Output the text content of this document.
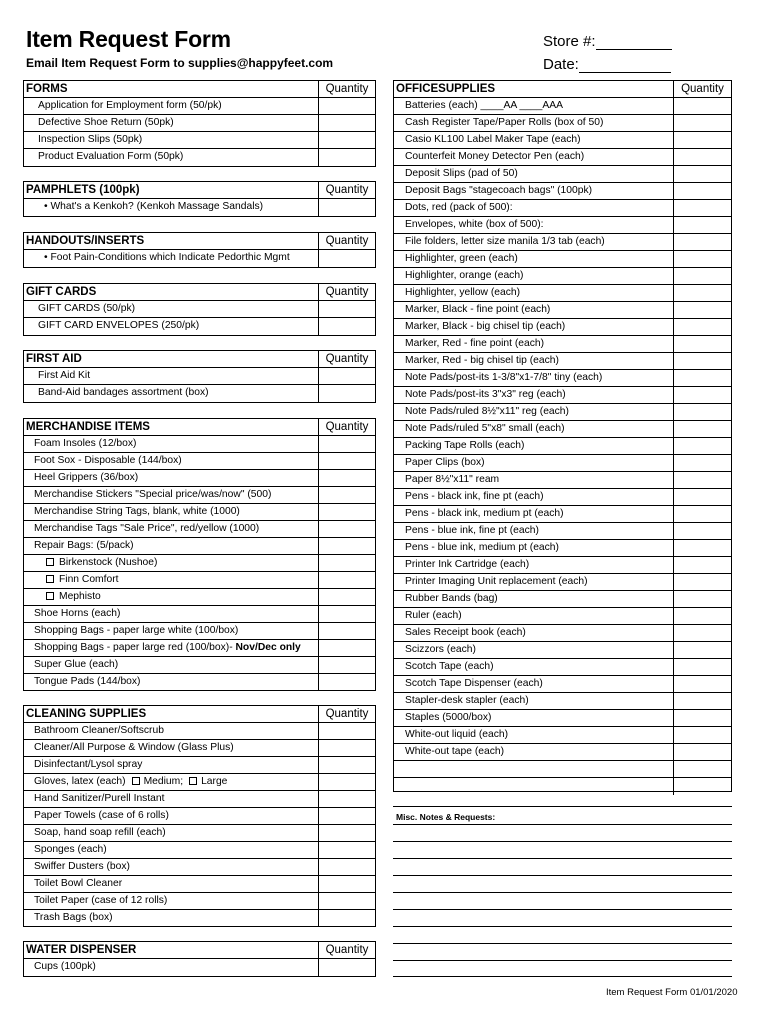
Item Request Form
Email Item Request Form to supplies@happyfeet.com
Store #:
Date:
FORMS	Quantity
Application for Employment form (50/pk)
Defective Shoe Return (50pk)
Inspection Slips (50pk)
Product Evaluation Form (50pk)
PAMPHLETS (100pk)	Quantity
• What's a Kenkoh? (Kenkoh Massage Sandals)
HANDOUTS/INSERTS	Quantity
• Foot Pain-Conditions which Indicate Pedorthic Mgmt
GIFT CARDS	Quantity
GIFT CARDS (50/pk)
GIFT CARD ENVELOPES (250/pk)
FIRST AID	Quantity
First Aid Kit
Band-Aid bandages assortment (box)
MERCHANDISE ITEMS	Quantity
Foam Insoles (12/box)
Foot Sox - Disposable (144/box)
Heel Grippers (36/box)
Merchandise Stickers "Special price/was/now" (500)
Merchandise String Tags, blank, white (1000)
Merchandise Tags "Sale Price", red/yellow (1000)
Repair Bags: (5/pack)
Birkenstock (Nushoe)
Finn Comfort
Mephisto
Shoe Horns (each)
Shopping Bags - paper large white (100/box)
Shopping Bags - paper large red (100/box)- Nov/Dec only
Super Glue (each)
Tongue Pads (144/box)
CLEANING SUPPLIES	Quantity
Bathroom Cleaner/Softscrub
Cleaner/All Purpose & Window (Glass Plus)
Disinfectant/Lysol spray
Gloves, latex (each) Medium; Large
Hand Sanitizer/Purell Instant
Paper Towels (case of 6 rolls)
Soap, hand soap refill (each)
Sponges (each)
Swiffer Dusters (box)
Toilet Bowl Cleaner
Toilet Paper (case of 12 rolls)
Trash Bags (box)
WATER DISPENSER	Quantity
Cups (100pk)
OFFICESUPPLIES	Quantity
Batteries (each) ____AA ____AAA
Cash Register Tape/Paper Rolls (box of 50)
Casio KL100 Label Maker Tape (each)
Counterfeit Money Detector Pen (each)
Deposit Slips (pad of 50)
Deposit Bags "stagecoach bags" (100pk)
Dots, red (pack of 500):
Envelopes, white (box of 500):
File folders, letter size manila 1/3 tab (each)
Highlighter, green (each)
Highlighter, orange (each)
Highlighter, yellow (each)
Marker, Black - fine point (each)
Marker, Black - big chisel tip (each)
Marker, Red - fine point (each)
Marker, Red - big chisel tip (each)
Note Pads/post-its 1-3/8"x1-7/8" tiny (each)
Note Pads/post-its 3"x3" reg (each)
Note Pads/ruled 8½"x11" reg (each)
Note Pads/ruled 5"x8" small (each)
Packing Tape Rolls (each)
Paper Clips (box)
Paper 8½"x11" ream
Pens - black ink, fine pt (each)
Pens - black ink, medium pt (each)
Pens - blue ink, fine pt (each)
Pens - blue ink, medium pt (each)
Printer Ink Cartridge (each)
Printer Imaging Unit replacement (each)
Rubber Bands (bag)
Ruler (each)
Sales Receipt book (each)
Scizzors (each)
Scotch Tape (each)
Scotch Tape Dispenser (each)
Stapler-desk stapler (each)
Staples (5000/box)
White-out liquid (each)
White-out tape (each)
Misc. Notes & Requests:
Item Request Form 01/01/2020
